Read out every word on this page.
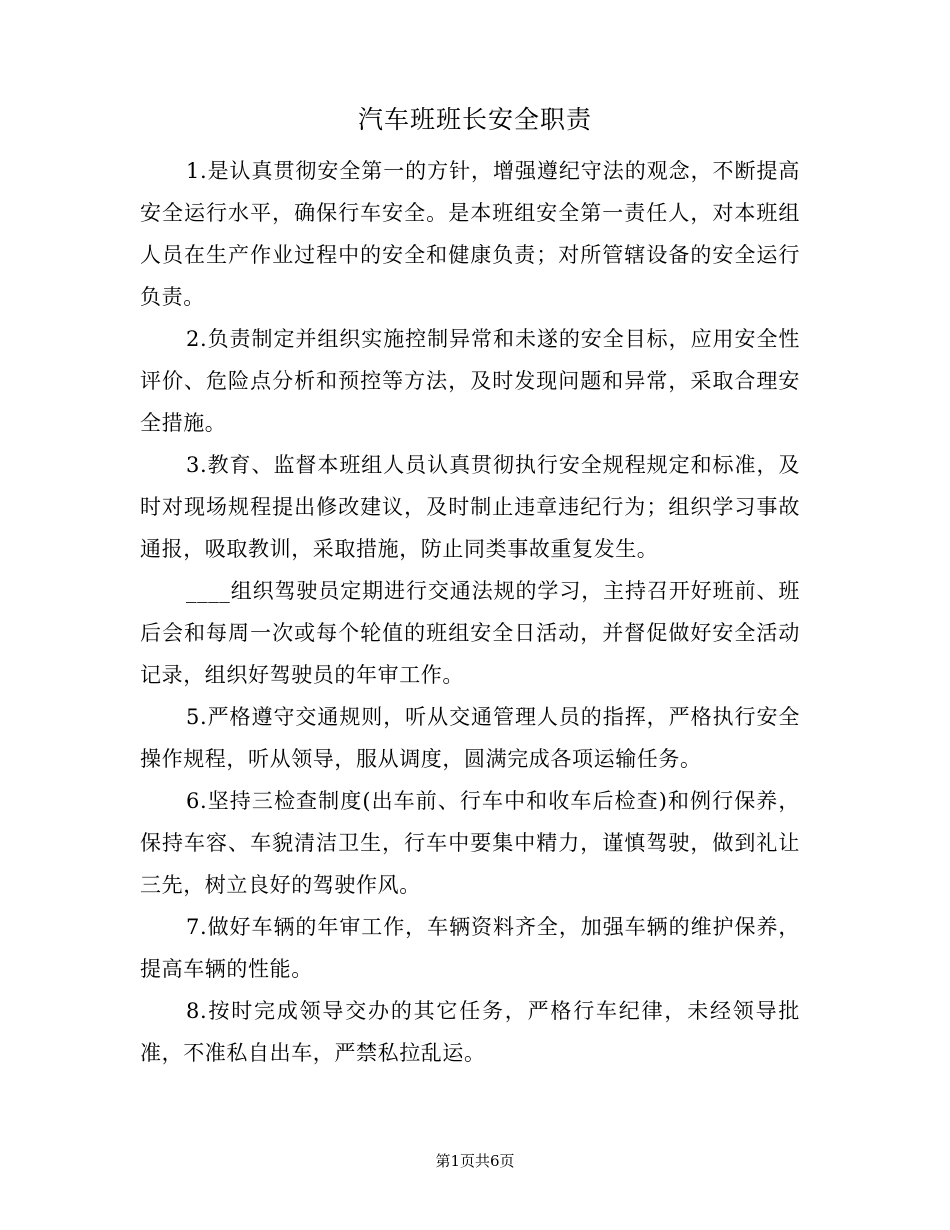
汽车班班长安全职责

1.是认真贯彻安全第一的方针，增强遵纪守法的观念，不断提高安全运行水平，确保行车安全。是本班组安全第一责任人，对本班组人员在生产作业过程中的安全和健康负责；对所管辖设备的安全运行负责。

2.负责制定并组织实施控制异常和未遂的安全目标，应用安全性评价、危险点分析和预控等方法，及时发现问题和异常，采取合理安全措施。

3.教育、监督本班组人员认真贯彻执行安全规程规定和标准，及时对现场规程提出修改建议，及时制止违章违纪行为；组织学习事故通报，吸取教训，采取措施，防止同类事故重复发生。

____组织驾驶员定期进行交通法规的学习，主持召开好班前、班后会和每周一次或每个轮值的班组安全日活动，并督促做好安全活动记录，组织好驾驶员的年审工作。

5.严格遵守交通规则，听从交通管理人员的指挥，严格执行安全操作规程，听从领导，服从调度，圆满完成各项运输任务。

6.坚持三检查制度(出车前、行车中和收车后检查)和例行保养，保持车容、车貌清洁卫生，行车中要集中精力，谨慎驾驶，做到礼让三先，树立良好的驾驶作风。

7.做好车辆的年审工作，车辆资料齐全，加强车辆的维护保养，提高车辆的性能。

8.按时完成领导交办的其它任务，严格行车纪律，未经领导批准，不准私自出车，严禁私拉乱运。

第1页共6页
